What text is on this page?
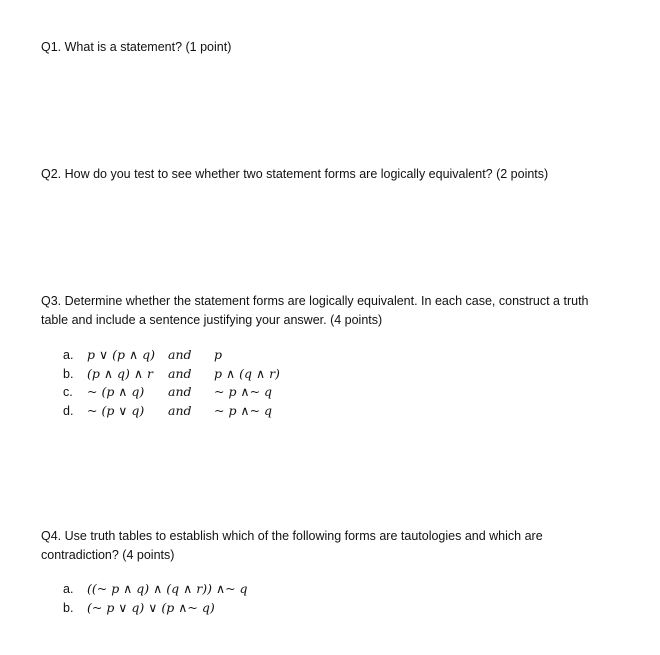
Q1. What is a statement? (1 point)

Q2. How do you test to see whether two statement forms are logically equivalent? (2 points)

Q3. Determine whether the statement forms are logically equivalent. In each case, construct a truth table and include a sentence justifying your answer. (4 points)

a. p ∨ (p ∧ q) and p
b. (p ∧ q) ∧ r and p ∧ (q ∧ r)
c. ~ (p ∧ q) and ~ p ∧~ q
d. ~ (p ∨ q) and ~ p ∧~ q

Q4. Use truth tables to establish which of the following forms are tautologies and which are contradiction? (4 points)

a. ((~ p ∧ q) ∧ (q ∧ r)) ∧~ q
b. (~ p ∨ q) ∨ (p ∧~ q)
